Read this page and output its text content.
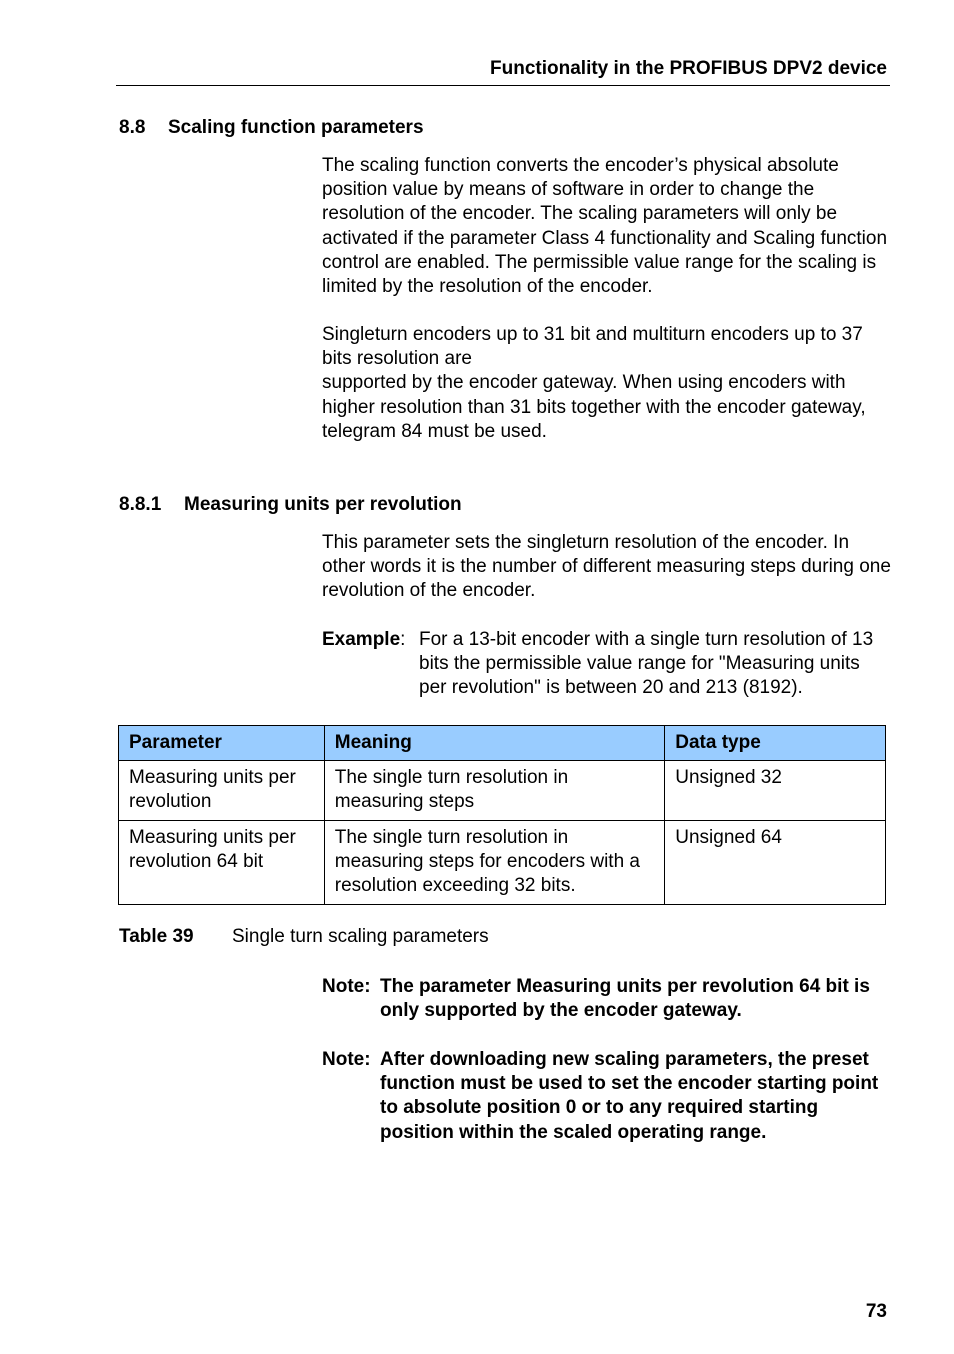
Functionality in the PROFIBUS DPV2 device
8.8 Scaling function parameters

The scaling function converts the encoder’s physical absolute position value by means of software in order to change the resolution of the encoder. The scaling parameters will only be activated if the parameter Class 4 functionality and Scaling function control are enabled. The permissible value range for the scaling is limited by the resolution of the encoder.

Singleturn encoders up to 31 bit and multiturn encoders up to 37 bits resolution are

supported by the encoder gateway. When using encoders with higher resolution than 31 bits together with the encoder gateway, telegram 84 must be used.

8.8.1 Measuring units per revolution

This parameter sets the singleturn resolution of the encoder. In other words it is the number of different measuring steps during one revolution of the encoder.

Example: For a 13-bit encoder with a single turn resolution of 13 bits the permissible value range for "Measuring units per revolution" is between 20 and 213 (8192).
Parameter	Meaning	Data type
Measuring units per revolution	The single turn resolution in measuring steps	Unsigned 32
Measuring units per revolution 64 bit	The single turn resolution in measuring steps for encoders with a resolution exceeding 32 bits.	Unsigned 64
Table 39 Single turn scaling parameters
Note: The parameter Measuring units per revolution 64 bit is only supported by the encoder gateway.
Note: After downloading new scaling parameters, the preset function must be used to set the encoder starting point to absolute position 0 or to any required starting position within the scaled operating range.
73
